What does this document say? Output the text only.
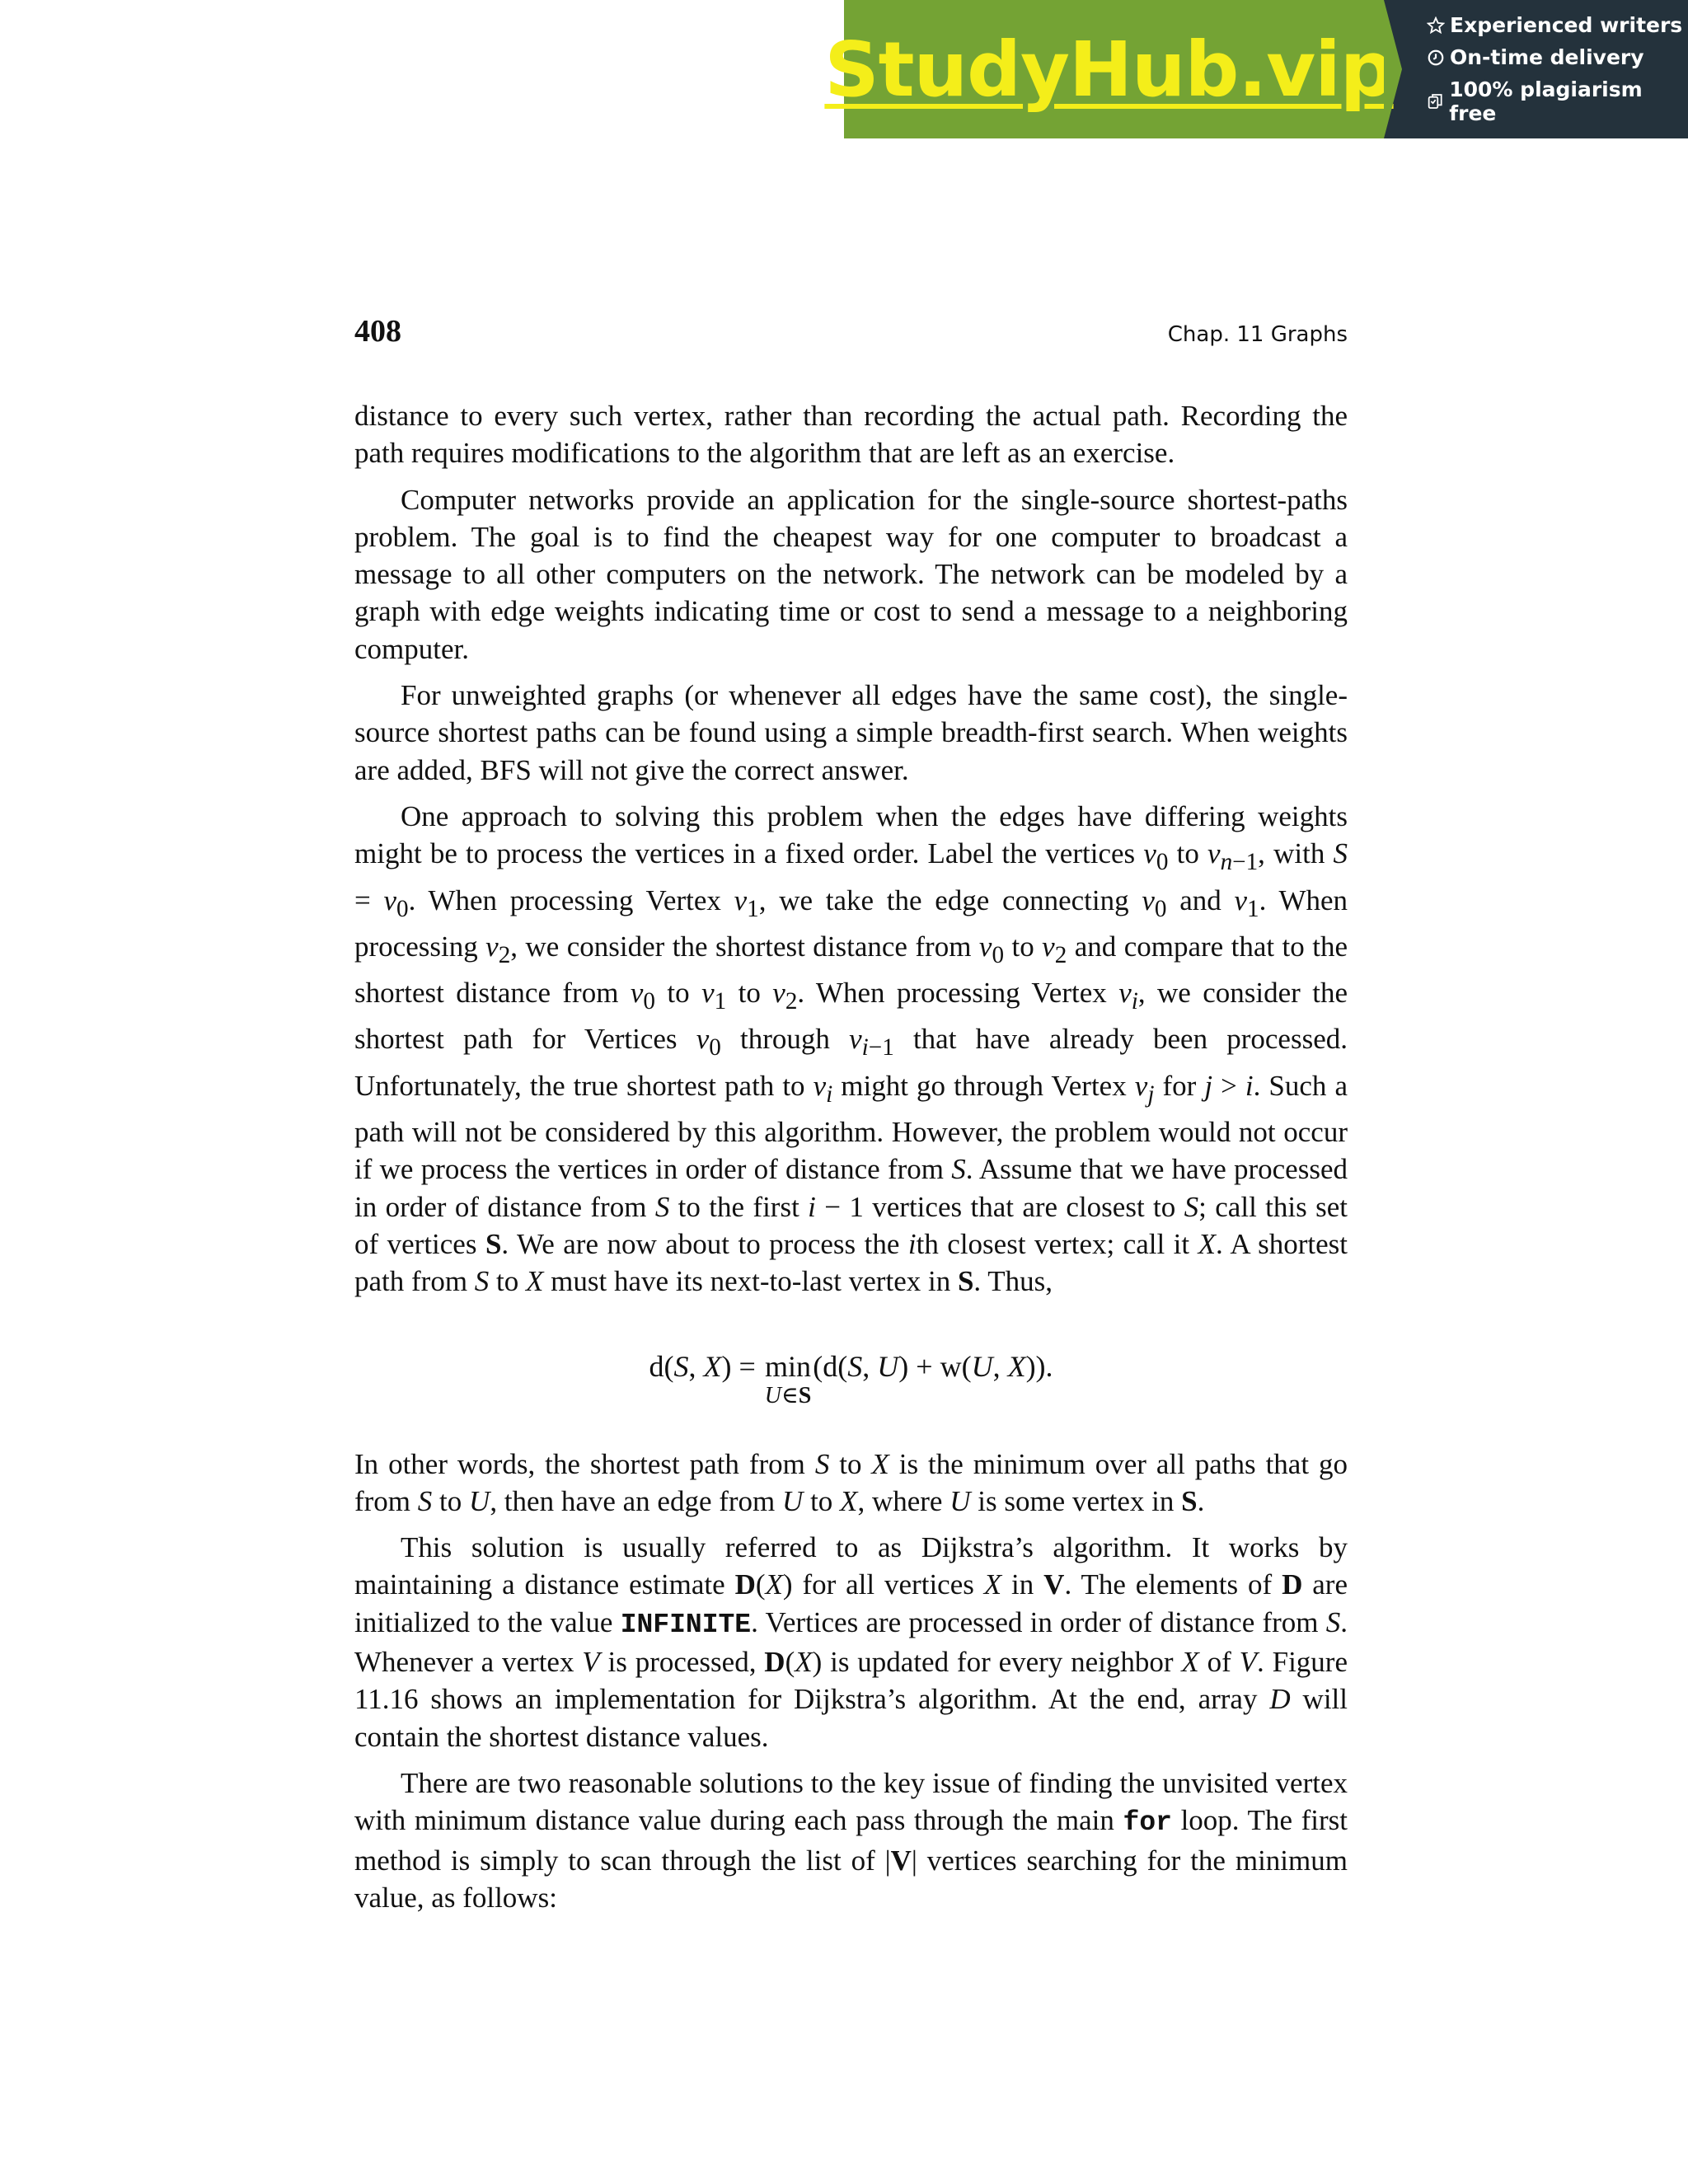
StudyHub.vip	Experienced writers
On-time delivery
100% plagiarism free
408	Chap. 11 Graphs

distance to every such vertex, rather than recording the actual path. Recording the path requires modifications to the algorithm that are left as an exercise.

Computer networks provide an application for the single-source shortest-paths problem. The goal is to find the cheapest way for one computer to broadcast a message to all other computers on the network. The network can be modeled by a graph with edge weights indicating time or cost to send a message to a neighboring computer.

For unweighted graphs (or whenever all edges have the same cost), the single-source shortest paths can be found using a simple breadth-first search. When weights are added, BFS will not give the correct answer.

One approach to solving this problem when the edges have differing weights might be to process the vertices in a fixed order. Label the vertices $v_0$ to $v_{n-1}$, with $S = v_0$. When processing Vertex $v_1$, we take the edge connecting $v_0$ and $v_1$. When processing $v_2$, we consider the shortest distance from $v_0$ to $v_2$ and compare that to the shortest distance from $v_0$ to $v_1$ to $v_2$. When processing Vertex $v_i$, we consider the shortest path for Vertices $v_0$ through $v_{i-1}$ that have already been processed. Unfortunately, the true shortest path to $v_i$ might go through Vertex $v_j$ for j > i. Such a path will not be considered by this algorithm. However, the problem would not occur if we process the vertices in order of distance from S. Assume that we have processed in order of distance from S to the first i − 1 vertices that are closest to S; call this set of vertices S. We are now about to process the ith closest vertex; call it X. A shortest path from S to X must have its next-to-last vertex in S. Thus,

d(S, X) = min
U∈S
(d(S, U) + w(U, X)).

In other words, the shortest path from S to X is the minimum over all paths that go from S to U, then have an edge from U to X, where U is some vertex in S.

This solution is usually referred to as Dijkstra’s algorithm. It works by maintaining a distance estimate D(X) for all vertices X in V. The elements of D are initialized to the value INFINITE. Vertices are processed in order of distance from S. Whenever a vertex V is processed, D(X) is updated for every neighbor X of V. Figure 11.16 shows an implementation for Dijkstra’s algorithm. At the end, array D will contain the shortest distance values.

There are two reasonable solutions to the key issue of finding the unvisited vertex with minimum distance value during each pass through the main for loop. The first method is simply to scan through the list of |V| vertices searching for the minimum value, as follows:
